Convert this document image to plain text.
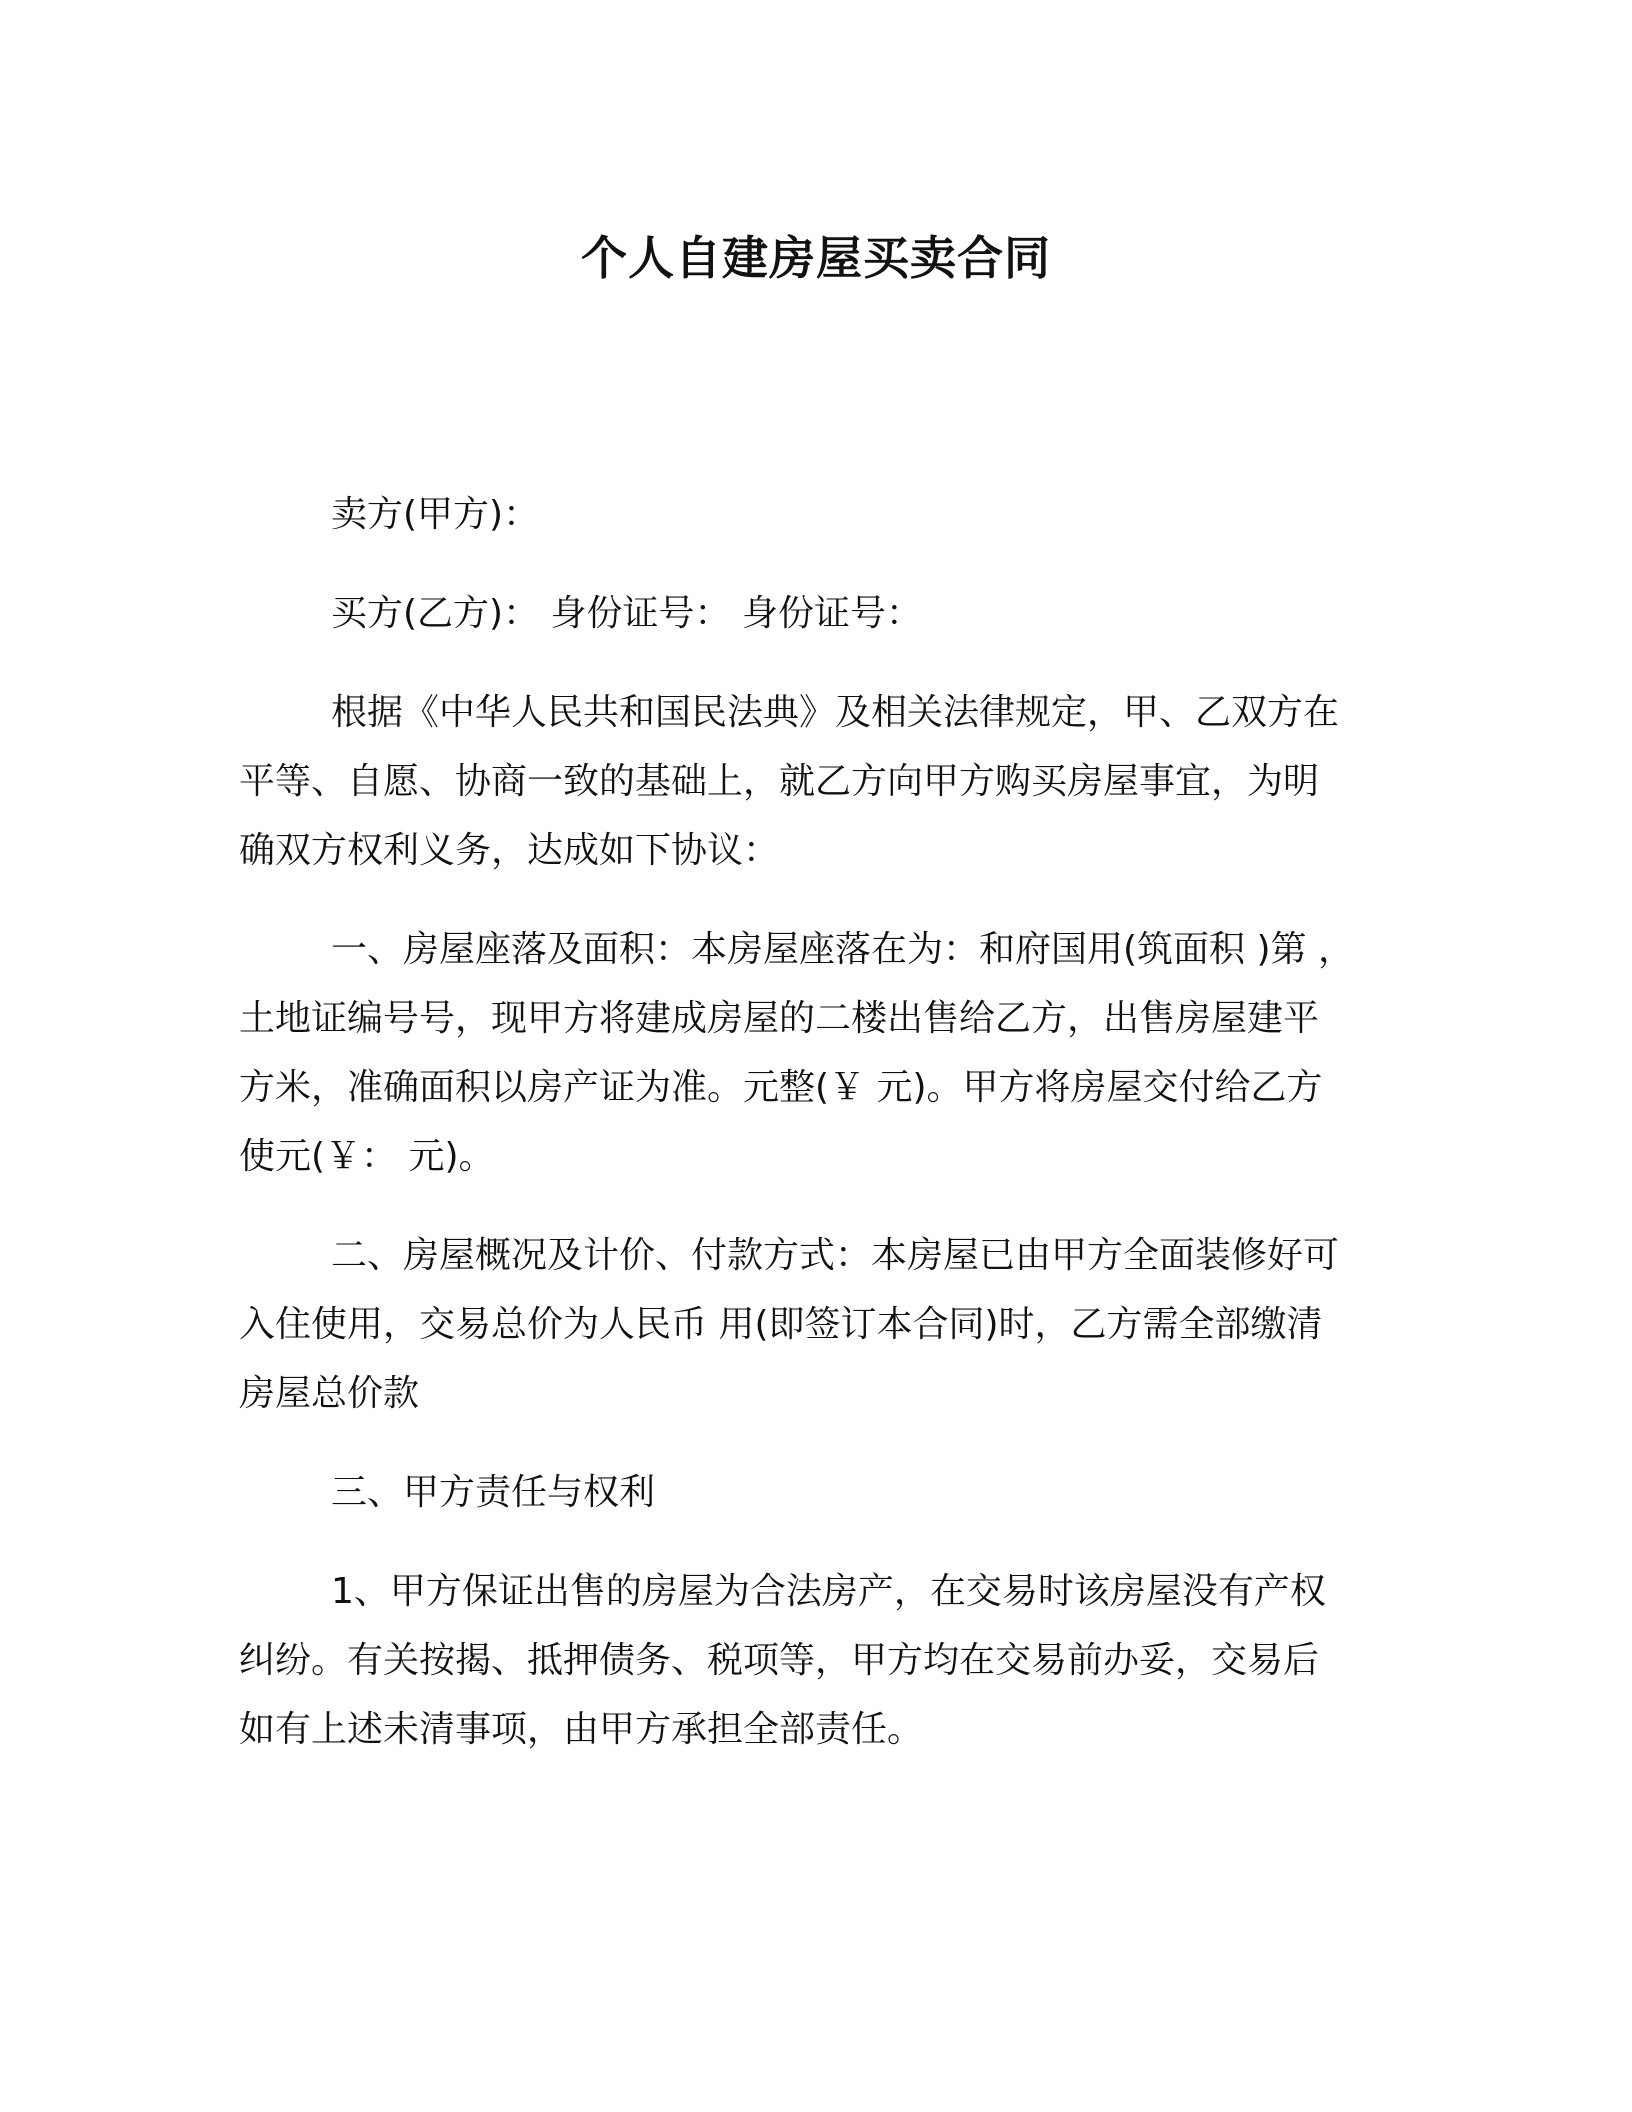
个人自建房屋买卖合同
卖方(甲方)：
买方(乙方)： 身份证号： 身份证号：
根据《中华人民共和国民法典》及相关法律规定，甲、乙双方在
平等、自愿、协商一致的基础上，就乙方向甲方购买房屋事宜，为明
确双方权利义务，达成如下协议：
一、房屋座落及面积：本房屋座落在为：和府国用(筑面积 )第 ，
土地证编号号，现甲方将建成房屋的二楼出售给乙方，出售房屋建平
方米，准确面积以房产证为准。元整(￥ 元)。甲方将房屋交付给乙方
使元(￥： 元)。
二、房屋概况及计价、付款方式：本房屋已由甲方全面装修好可
入住使用，交易总价为人民币 用(即签订本合同)时，乙方需全部缴清
房屋总价款
三、甲方责任与权利
1、甲方保证出售的房屋为合法房产，在交易时该房屋没有产权
纠纷。有关按揭、抵押债务、税项等，甲方均在交易前办妥，交易后
如有上述未清事项，由甲方承担全部责任。
